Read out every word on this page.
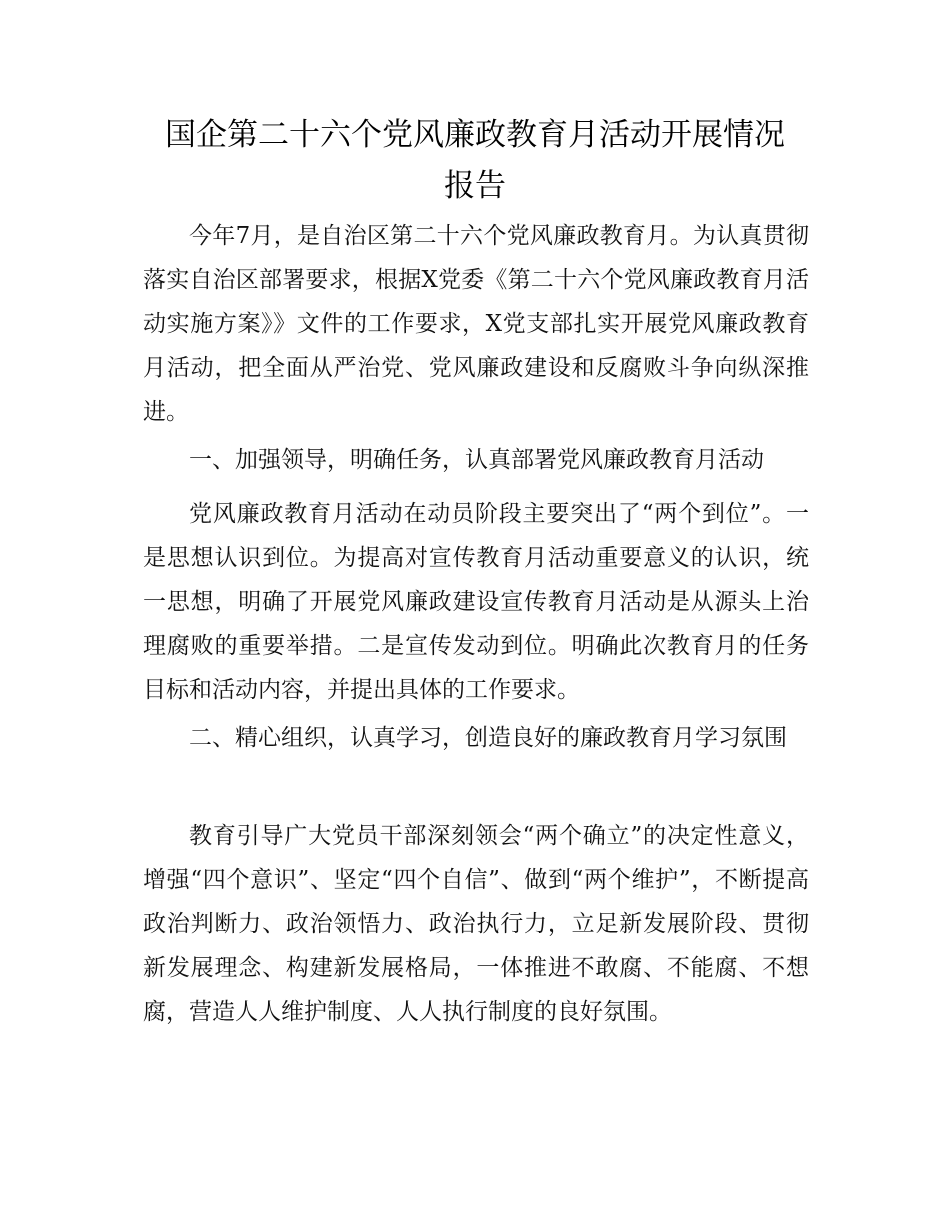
国企第二十六个党风廉政教育月活动开展情况
报告

今年7月，是自治区第二十六个党风廉政教育月。为认真贯彻落实自治区部署要求，根据X党委《第二十六个党风廉政教育月活动实施方案》》文件的工作要求，X党支部扎实开展党风廉政教育月活动，把全面从严治党、党风廉政建设和反腐败斗争向纵深推进。

一、加强领导，明确任务，认真部署党风廉政教育月活动

党风廉政教育月活动在动员阶段主要突出了“两个到位”。一是思想认识到位。为提高对宣传教育月活动重要意义的认识，统一思想，明确了开展党风廉政建设宣传教育月活动是从源头上治理腐败的重要举措。二是宣传发动到位。明确此次教育月的任务目标和活动内容，并提出具体的工作要求。

二、精心组织，认真学习，创造良好的廉政教育月学习氛围

教育引导广大党员干部深刻领会“两个确立”的决定性意义，增强“四个意识”、坚定“四个自信”、做到“两个维护”，不断提高政治判断力、政治领悟力、政治执行力，立足新发展阶段、贯彻新发展理念、构建新发展格局，一体推进不敢腐、不能腐、不想腐，营造人人维护制度、人人执行制度的良好氛围。
